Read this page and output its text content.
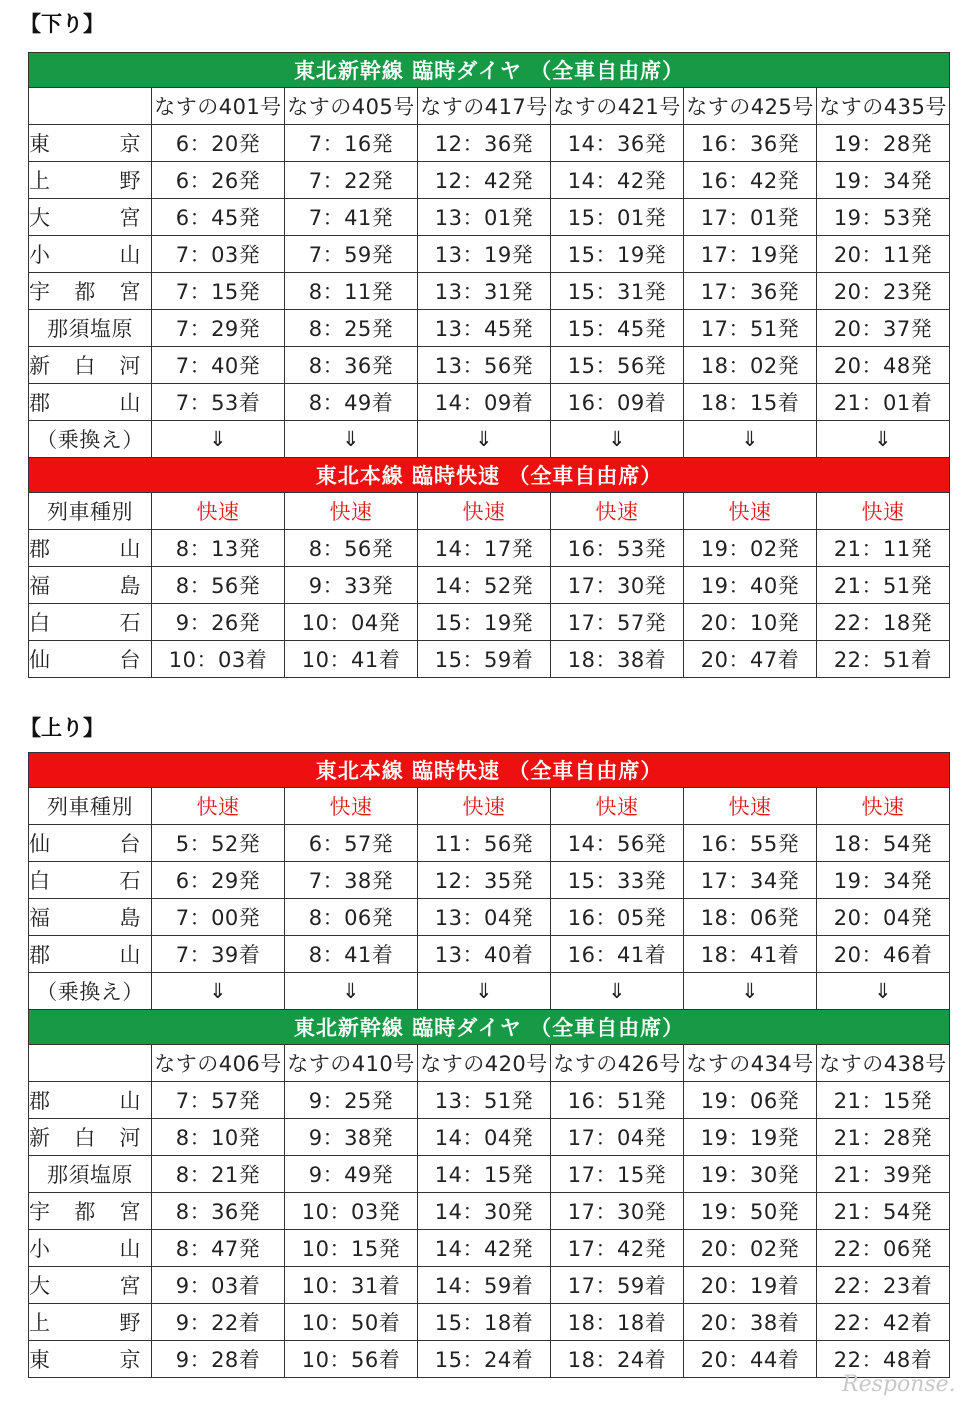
【下り】
東北新幹線 臨時ダイヤ （全車自由席）						
	なすの401号	なすの405号	なすの417号	なすの421号	なすの425号	なすの435号

東 京	6：20発	7：16発	12：36発	14：36発	16：36発	19：28発

上 野	6：26発	7：22発	12：42発	14：42発	16：42発	19：34発

大 宮	6：45発	7：41発	13：01発	15：01発	17：01発	19：53発

小 山	7：03発	7：59発	13：19発	15：19発	17：19発	20：11発

宇 都 宮	7：15発	8：11発	13：31発	15：31発	17：36発	20：23発
那須塩原	7：29発	8：25発	13：45発	15：45発	17：51発	20：37発

新 白 河	7：40発	8：36発	13：56発	15：56発	18：02発	20：48発

郡 山	7：53着	8：49着	14：09着	16：09着	18：15着	21：01着
（乗換え）	⇓	⇓	⇓	⇓	⇓	⇓
東北本線 臨時快速 （全車自由席）						
列車種別	快速	快速	快速	快速	快速	快速

郡 山	8：13発	8：56発	14：17発	16：53発	19：02発	21：11発

福 島	8：56発	9：33発	14：52発	17：30発	19：40発	21：51発

白 石	9：26発	10：04発	15：19発	17：57発	20：10発	22：18発

仙 台	10：03着	10：41着	15：59着	18：38着	20：47着	22：51着
【上り】
東北本線 臨時快速 （全車自由席）						
列車種別	快速	快速	快速	快速	快速	快速

仙 台	5：52発	6：57発	11：56発	14：56発	16：55発	18：54発

白 石	6：29発	7：38発	12：35発	15：33発	17：34発	19：34発

福 島	7：00発	8：06発	13：04発	16：05発	18：06発	20：04発

郡 山	7：39着	8：41着	13：40着	16：41着	18：41着	20：46着
（乗換え）	⇓	⇓	⇓	⇓	⇓	⇓
東北新幹線 臨時ダイヤ （全車自由席）						
	なすの406号	なすの410号	なすの420号	なすの426号	なすの434号	なすの438号

郡 山	7：57発	9：25発	13：51発	16：51発	19：06発	21：15発

新 白 河	8：10発	9：38発	14：04発	17：04発	19：19発	21：28発
那須塩原	8：21発	9：49発	14：15発	17：15発	19：30発	21：39発

宇 都 宮	8：36発	10：03発	14：30発	17：30発	19：50発	21：54発

小 山	8：47発	10：15発	14：42発	17：42発	20：02発	22：06発

大 宮	9：03着	10：31着	14：59着	17：59着	20：19着	22：23着

上 野	9：22着	10：50着	15：18着	18：18着	20：38着	22：42着

東 京	9：28着	10：56着	15：24着	18：24着	20：44着	22：48着
Response.
